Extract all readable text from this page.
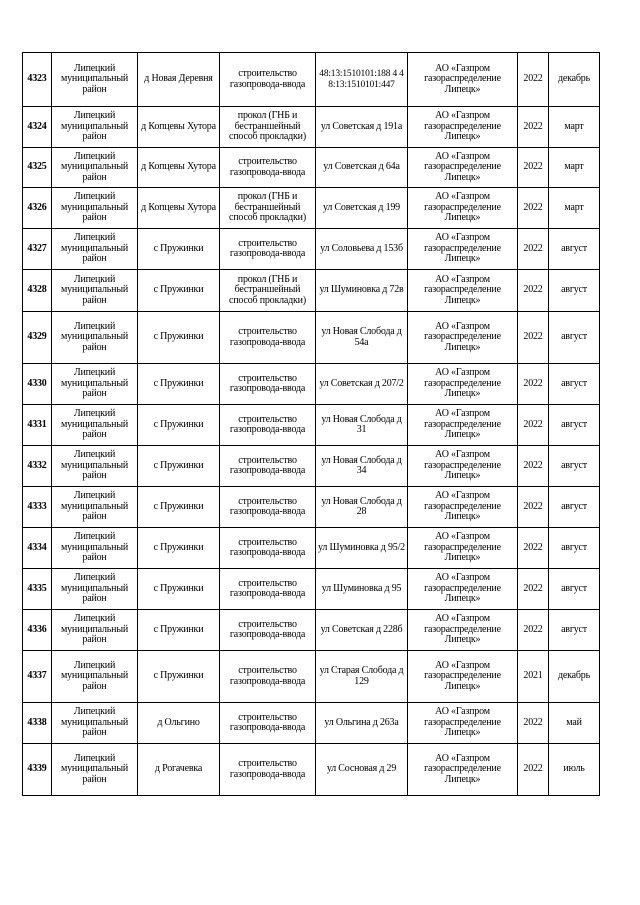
4323	Липецкий муниципальный район	д Новая Деревня	строительство газопровода-ввода	48:13:1510101:188 4 48:13:1510101:447	АО «Газпром газораспределение Липецк»	2022	декабрь
4324	Липецкий муниципальный район	д Копцевы Хутора	прокол (ГНБ и бестраншейный способ прокладки)	ул Советская д 191а	АО «Газпром газораспределение Липецк»	2022	март
4325	Липецкий муниципальный район	д Копцевы Хутора	строительство газопровода-ввода	ул Советская д 64а	АО «Газпром газораспределение Липецк»	2022	март
4326	Липецкий муниципальный район	д Копцевы Хутора	прокол (ГНБ и бестраншейный способ прокладки)	ул Советская д 199	АО «Газпром газораспределение Липецк»	2022	март
4327	Липецкий муниципальный район	с Пружинки	строительство газопровода-ввода	ул Соловьева д 153б	АО «Газпром газораспределение Липецк»	2022	август
4328	Липецкий муниципальный район	с Пружинки	прокол (ГНБ и бестраншейный способ прокладки)	ул Шуминовка д 72в	АО «Газпром газораспределение Липецк»	2022	август
4329	Липецкий муниципальный район	с Пружинки	строительство газопровода-ввода	ул Новая Слобода д 54а	АО «Газпром газораспределение Липецк»	2022	август
4330	Липецкий муниципальный район	с Пружинки	строительство газопровода-ввода	ул Советская д 207/2	АО «Газпром газораспределение Липецк»	2022	август
4331	Липецкий муниципальный район	с Пружинки	строительство газопровода-ввода	ул Новая Слобода д 31	АО «Газпром газораспределение Липецк»	2022	август
4332	Липецкий муниципальный район	с Пружинки	строительство газопровода-ввода	ул Новая Слобода д 34	АО «Газпром газораспределение Липецк»	2022	август
4333	Липецкий муниципальный район	с Пружинки	строительство газопровода-ввода	ул Новая Слобода д 28	АО «Газпром газораспределение Липецк»	2022	август
4334	Липецкий муниципальный район	с Пружинки	строительство газопровода-ввода	ул Шуминовка д 95/2	АО «Газпром газораспределение Липецк»	2022	август
4335	Липецкий муниципальный район	с Пружинки	строительство газопровода-ввода	ул Шуминовка д 95	АО «Газпром газораспределение Липецк»	2022	август
4336	Липецкий муниципальный район	с Пружинки	строительство газопровода-ввода	ул Советская д 228б	АО «Газпром газораспределение Липецк»	2022	август
4337	Липецкий муниципальный район	с Пружинки	строительство газопровода-ввода	ул Старая Слобода д 129	АО «Газпром газораспределение Липецк»	2021	декабрь
4338	Липецкий муниципальный район	д Ольгино	строительство газопровода-ввода	ул Ольгина д 263а	АО «Газпром газораспределение Липецк»	2022	май
4339	Липецкий муниципальный район	д Рогачевка	строительство газопровода-ввода	ул Сосновая д 29	АО «Газпром газораспределение Липецк»	2022	июль
